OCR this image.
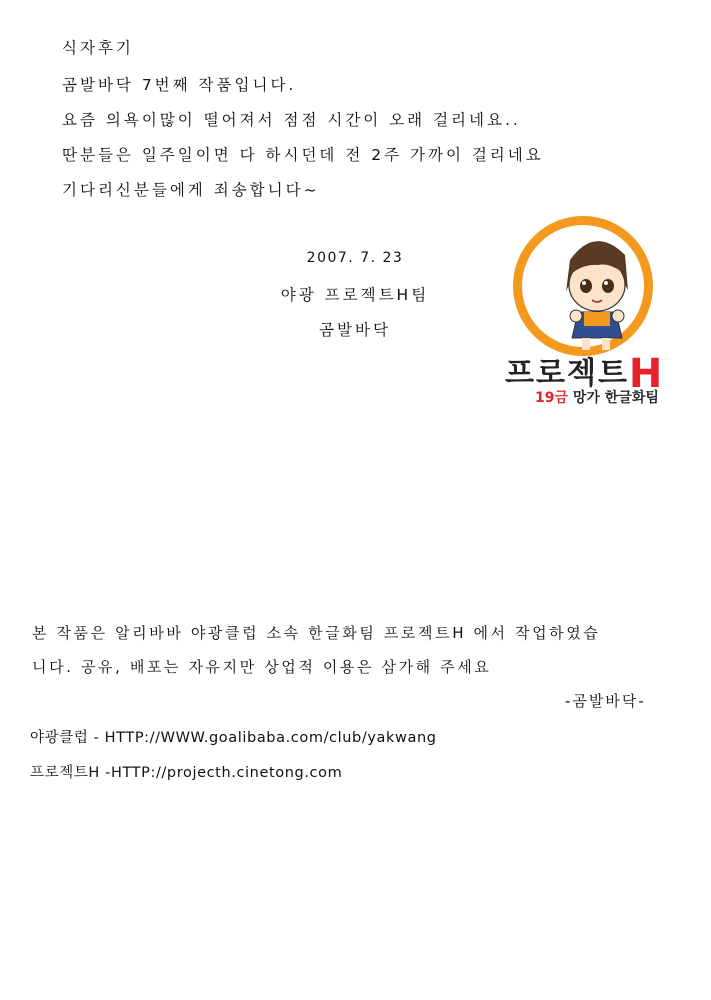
식자후기
곰발바닥 7번째 작품입니다.
요즘 의욕이많이 떨어져서 점점 시간이 오래 걸리네요..
딴분들은 일주일이면 다 하시던데 전 2주 가까이 걸리네요
기다리신분들에게 죄송합니다~
2007. 7. 23
야광 프로젝트H팀
곰발바닥
프로젝트H
19금 망가 한글화팀
본 작품은 알리바바 야광클럽 소속 한글화팀 프로젝트H 에서 작업하였습
니다. 공유, 배포는 자유지만 상업적 이용은 삼가해 주세요
-곰발바닥-
야광클럽 - HTTP://WWW.goalibaba.com/club/yakwang
프로젝트H -HTTP://projecth.cinetong.com
